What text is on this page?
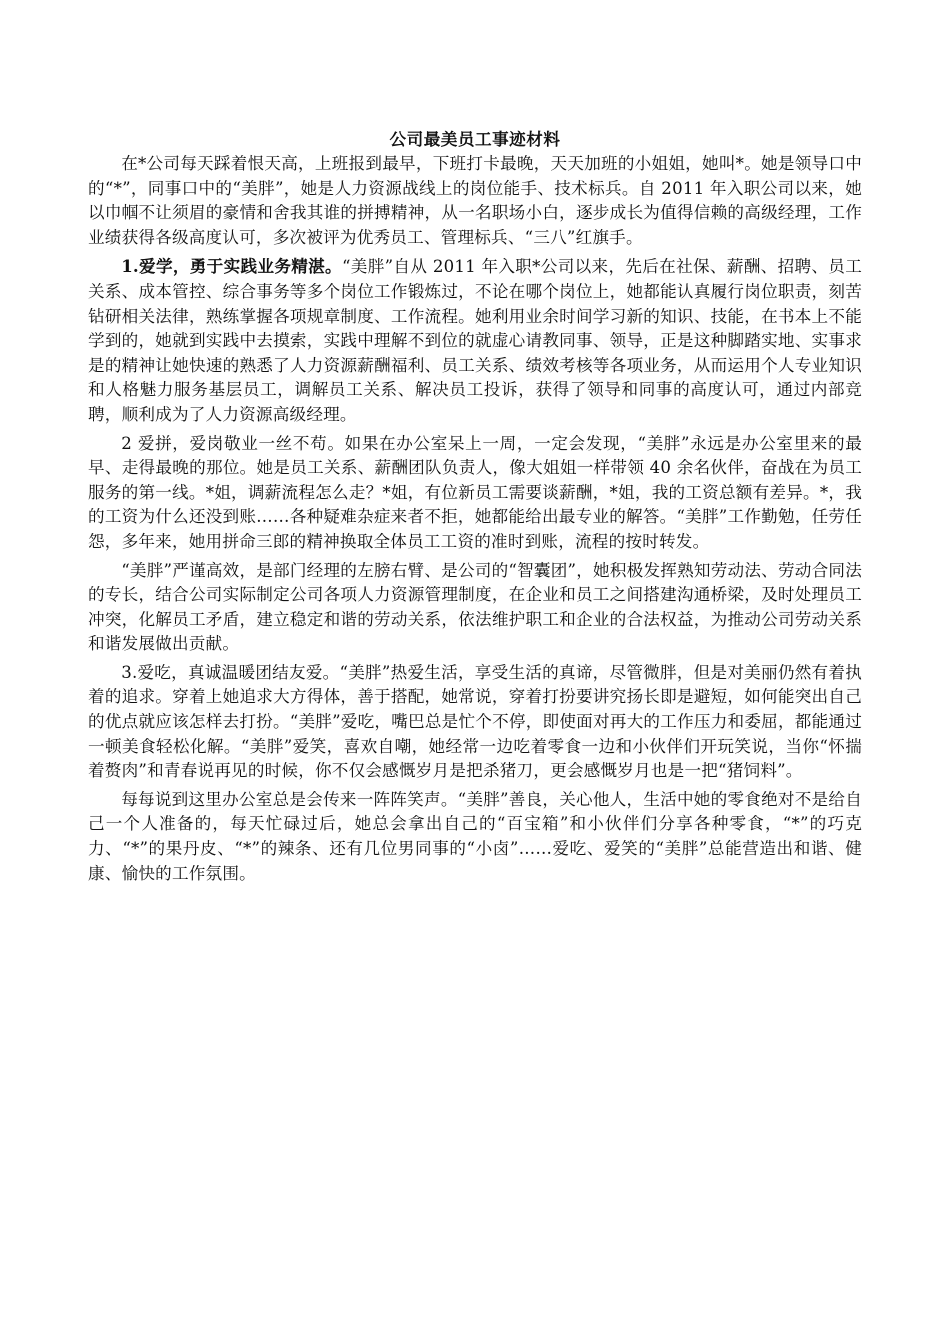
公司最美员工事迹材料

在*公司每天踩着恨天高，上班报到最早，下班打卡最晚，天天加班的小姐姐，她叫*。她是领导口中的“*”，同事口中的“美胖”，她是人力资源战线上的岗位能手、技术标兵。自 2011 年入职公司以来，她以巾帼不让须眉的豪情和舍我其谁的拼搏精神，从一名职场小白，逐步成长为值得信赖的高级经理，工作业绩获得各级高度认可，多次被评为优秀员工、管理标兵、“三八”红旗手。

1.爱学，勇于实践业务精湛。“美胖”自从 2011 年入职*公司以来，先后在社保、薪酬、招聘、员工关系、成本管控、综合事务等多个岗位工作锻炼过，不论在哪个岗位上，她都能认真履行岗位职责，刻苦钻研相关法律，熟练掌握各项规章制度、工作流程。她利用业余时间学习新的知识、技能，在书本上不能学到的，她就到实践中去摸索，实践中理解不到位的就虚心请教同事、领导，正是这种脚踏实地、实事求是的精神让她快速的熟悉了人力资源薪酬福利、员工关系、绩效考核等各项业务，从而运用个人专业知识和人格魅力服务基层员工，调解员工关系、解决员工投诉，获得了领导和同事的高度认可，通过内部竞聘，顺利成为了人力资源高级经理。

2 爱拼，爱岗敬业一丝不苟。如果在办公室呆上一周，一定会发现，“美胖”永远是办公室里来的最早、走得最晚的那位。她是员工关系、薪酬团队负责人，像大姐姐一样带领 40 余名伙伴，奋战在为员工服务的第一线。*姐，调薪流程怎么走？*姐，有位新员工需要谈薪酬，*姐，我的工资总额有差异。*，我的工资为什么还没到账……各种疑难杂症来者不拒，她都能给出最专业的解答。“美胖”工作勤勉，任劳任怨，多年来，她用拼命三郎的精神换取全体员工工资的准时到账，流程的按时转发。

“美胖”严谨高效，是部门经理的左膀右臂、是公司的“智囊团”，她积极发挥熟知劳动法、劳动合同法的专长，结合公司实际制定公司各项人力资源管理制度，在企业和员工之间搭建沟通桥梁，及时处理员工冲突，化解员工矛盾，建立稳定和谐的劳动关系，依法维护职工和企业的合法权益，为推动公司劳动关系和谐发展做出贡献。

3.爱吃，真诚温暖团结友爱。“美胖”热爱生活，享受生活的真谛，尽管微胖，但是对美丽仍然有着执着的追求。穿着上她追求大方得体，善于搭配，她常说，穿着打扮要讲究扬长即是避短，如何能突出自己的优点就应该怎样去打扮。“美胖”爱吃，嘴巴总是忙个不停，即使面对再大的工作压力和委屈，都能通过一顿美食轻松化解。“美胖”爱笑，喜欢自嘲，她经常一边吃着零食一边和小伙伴们开玩笑说，当你“怀揣着赘肉”和青春说再见的时候，你不仅会感慨岁月是把杀猪刀，更会感慨岁月也是一把“猪饲料”。

每每说到这里办公室总是会传来一阵阵笑声。“美胖”善良，关心他人，生活中她的零食绝对不是给自己一个人准备的，每天忙碌过后，她总会拿出自己的“百宝箱”和小伙伴们分享各种零食，“*”的巧克力、“*”的果丹皮、“*”的辣条、还有几位男同事的“小卤”……爱吃、爱笑的“美胖”总能营造出和谐、健康、愉快的工作氛围。
